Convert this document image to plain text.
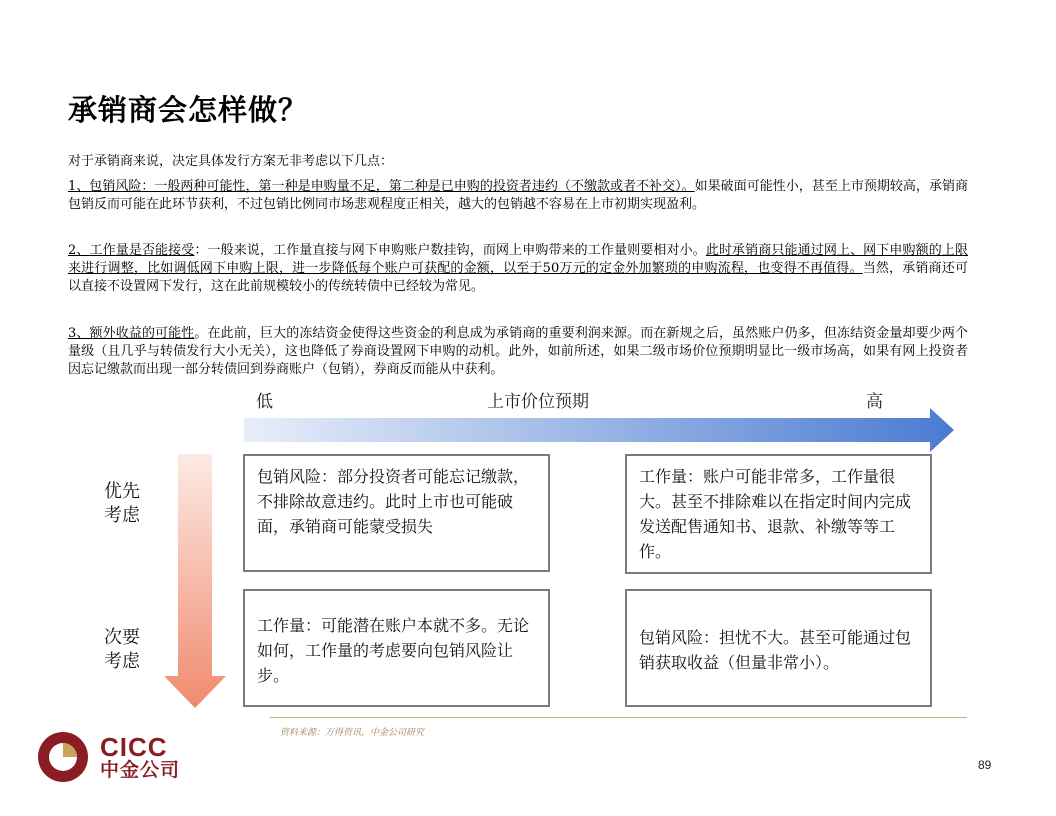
承销商会怎样做？
对于承销商来说，决定具体发行方案无非考虑以下几点：
1、包销风险：一般两种可能性，第一种是申购量不足，第二种是已申购的投资者违约（不缴款或者不补交）。如果破面可能性小，甚至上市预期较高，承销商包销反而可能在此环节获利，不过包销比例同市场悲观程度正相关，越大的包销越不容易在上市初期实现盈利。
2、工作量是否能接受：一般来说，工作量直接与网下申购账户数挂钩，而网上申购带来的工作量则要相对小。此时承销商只能通过网上、网下申购额的上限来进行调整，比如调低网下申购上限，进一步降低每个账户可获配的金额，以至于50万元的定金外加繁琐的申购流程，也变得不再值得。当然，承销商还可以直接不设置网下发行，这在此前规模较小的传统转债中已经较为常见。
3、额外收益的可能性。在此前，巨大的冻结资金使得这些资金的利息成为承销商的重要利润来源。而在新规之后，虽然账户仍多，但冻结资金量却要少两个量级（且几乎与转债发行大小无关），这也降低了券商设置网下申购的动机。此外，如前所述，如果二级市场价位预期明显比一级市场高，如果有网上投资者因忘记缴款而出现一部分转债回到券商账户（包销），券商反而能从中获利。
低	上市价位预期	高
优先
考虑
次要
考虑
包销风险：部分投资者可能忘记缴款，不排除故意违约。此时上市也可能破面，承销商可能蒙受损失
工作量：账户可能非常多，工作量很大。甚至不排除难以在指定时间内完成发送配售通知书、退款、补缴等等工作。
工作量：可能潜在账户本就不多。无论如何，工作量的考虑要向包销风险让步。
包销风险：担忧不大。甚至可能通过包销获取收益（但量非常小）。
资料来源：万得资讯，中金公司研究
CICC
中金公司	89
